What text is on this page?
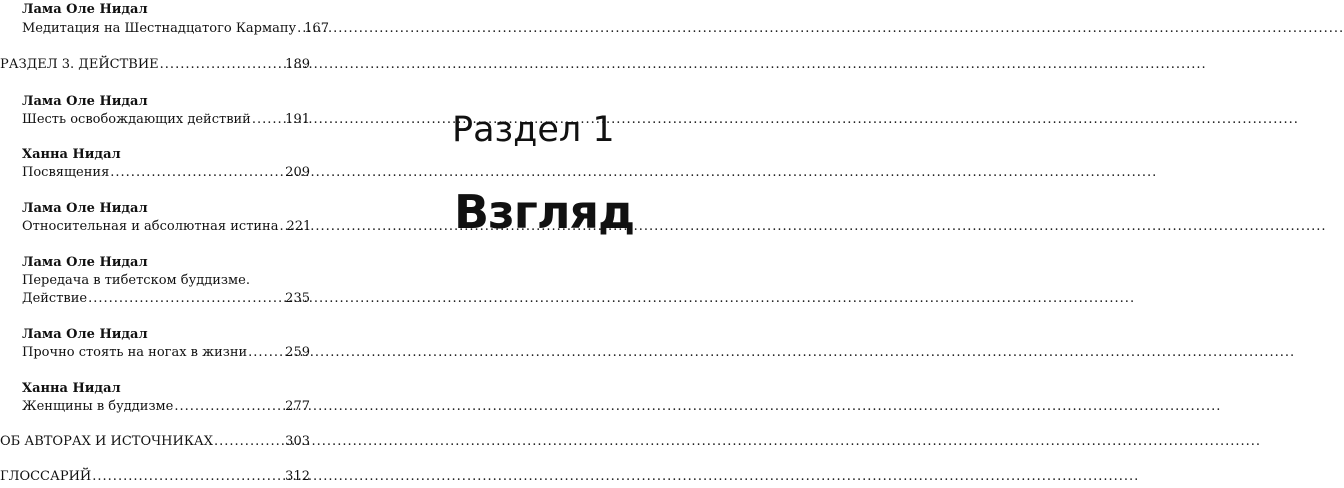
Лама Оле Нидал
Медитация на Шестнадцатого Кармапу ..... 167
РАЗДЕЛ 3. ДЕЙСТВИЕ .....	189
Лама Оле Нидал
Шесть освобождающих действий .....	191
Ханна Нидал
Посвящения .....	209
Лама Оле Нидал
Относительная и абсолютная истина ..... 221
Лама Оле Нидал
Передача в тибетском буддизме.
Действие .....	235
Лама Оле Нидал
Прочно стоять на ногах в жизни .....	259
Ханна Нидал
Женщины в буддизме .....	277
ОБ АВТОРАХ И ИСТОЧНИКАХ .....	303
ГЛОССАРИЙ .....	312
Раздел 1
Взгляд
